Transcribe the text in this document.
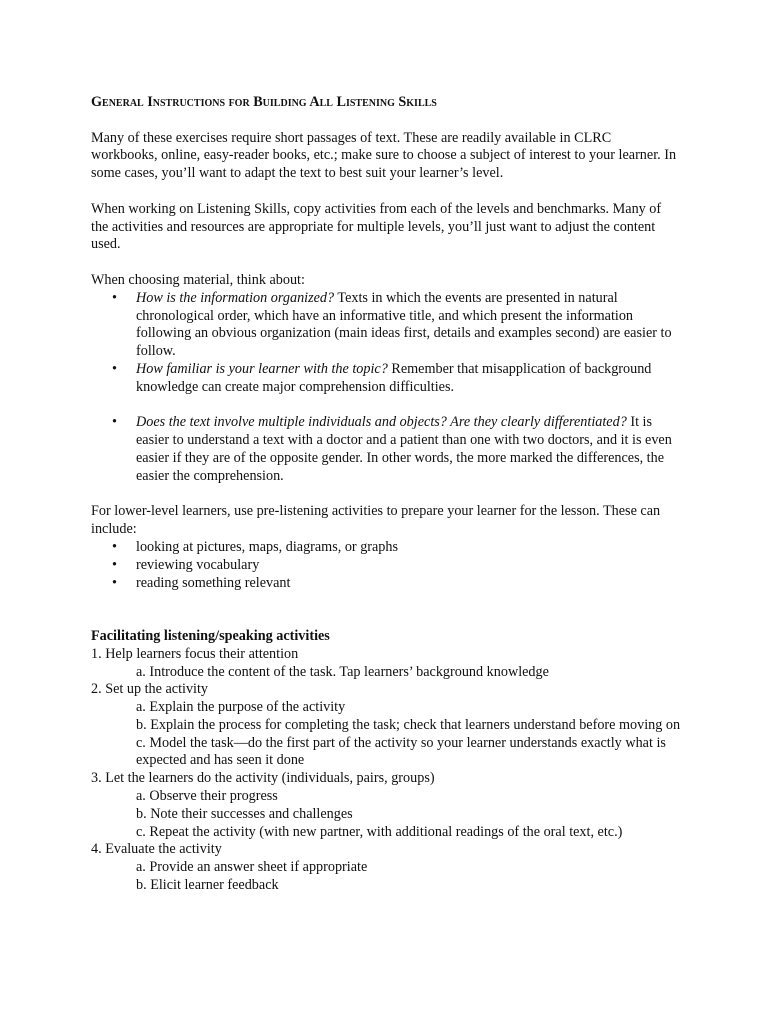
General Instructions for Building All Listening Skills

Many of these exercises require short passages of text. These are readily available in CLRC workbooks, online, easy-reader books, etc.; make sure to choose a subject of interest to your learner. In some cases, you’ll want to adapt the text to best suit your learner’s level.

When working on Listening Skills, copy activities from each of the levels and benchmarks. Many of the activities and resources are appropriate for multiple levels, you’ll just want to adjust the content used.

When choosing material, think about:

• How is the information organized? Texts in which the events are presented in natural chronological order, which have an informative title, and which present the information following an obvious organization (main ideas first, details and examples second) are easier to follow.
• How familiar is your learner with the topic? Remember that misapplication of background knowledge can create major comprehension difficulties.
• Does the text involve multiple individuals and objects? Are they clearly differentiated? It is easier to understand a text with a doctor and a patient than one with two doctors, and it is even easier if they are of the opposite gender. In other words, the more marked the differences, the easier the comprehension.

For lower-level learners, use pre-listening activities to prepare your learner for the lesson. These can include:

• looking at pictures, maps, diagrams, or graphs
• reviewing vocabulary
• reading something relevant
Facilitating listening/speaking activities
1. Help learners focus their attention
a. Introduce the content of the task. Tap learners’ background knowledge
2. Set up the activity
a. Explain the purpose of the activity
b. Explain the process for completing the task; check that learners understand before moving on
c. Model the task—do the first part of the activity so your learner understands exactly what is expected and has seen it done
3. Let the learners do the activity (individuals, pairs, groups)
a. Observe their progress
b. Note their successes and challenges
c. Repeat the activity (with new partner, with additional readings of the oral text, etc.)
4. Evaluate the activity
a. Provide an answer sheet if appropriate
b. Elicit learner feedback
